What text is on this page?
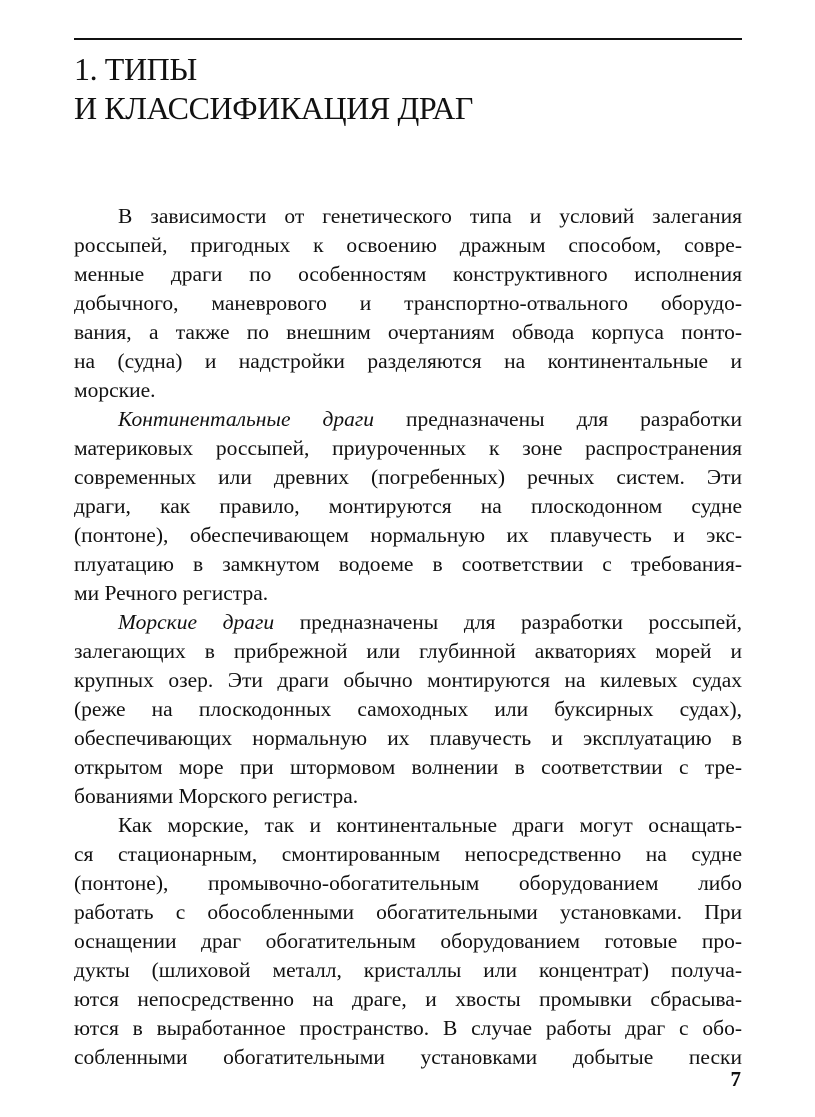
1. ТИПЫ
И КЛАССИФИКАЦИЯ ДРАГ
В зависимости от генетического типа и условий залегания
россыпей, пригодных к освоению дражным способом, совре-
менные драги по особенностям конструктивного исполнения
добычного, маневрового и транспортно-отвального оборудо-
вания, а также по внешним очертаниям обвода корпуса понто-
на (судна) и надстройки разделяются на континентальные и
морские.
Континентальные драги предназначены для разработки
материковых россыпей, приуроченных к зоне распространения
современных или древних (погребенных) речных систем. Эти
драги, как правило, монтируются на плоскодонном судне
(понтоне), обеспечивающем нормальную их плавучесть и экс-
плуатацию в замкнутом водоеме в соответствии с требования-
ми Речного регистра.
Морские драги предназначены для разработки россыпей,
залегающих в прибрежной или глубинной акваториях морей и
крупных озер. Эти драги обычно монтируются на килевых судах
(реже на плоскодонных самоходных или буксирных судах),
обеспечивающих нормальную их плавучесть и эксплуатацию в
открытом море при штормовом волнении в соответствии с тре-
бованиями Морского регистра.
Как морские, так и континентальные драги могут оснащать-
ся стационарным, смонтированным непосредственно на судне
(понтоне), промывочно-обогатительным оборудованием либо
работать с обособленными обогатительными установками. При
оснащении драг обогатительным оборудованием готовые про-
дукты (шлиховой металл, кристаллы или концентрат) получа-
ются непосредственно на драге, и хвосты промывки сбрасыва-
ются в выработанное пространство. В случае работы драг с обо-
собленными обогатительными установками добытые пески
7
